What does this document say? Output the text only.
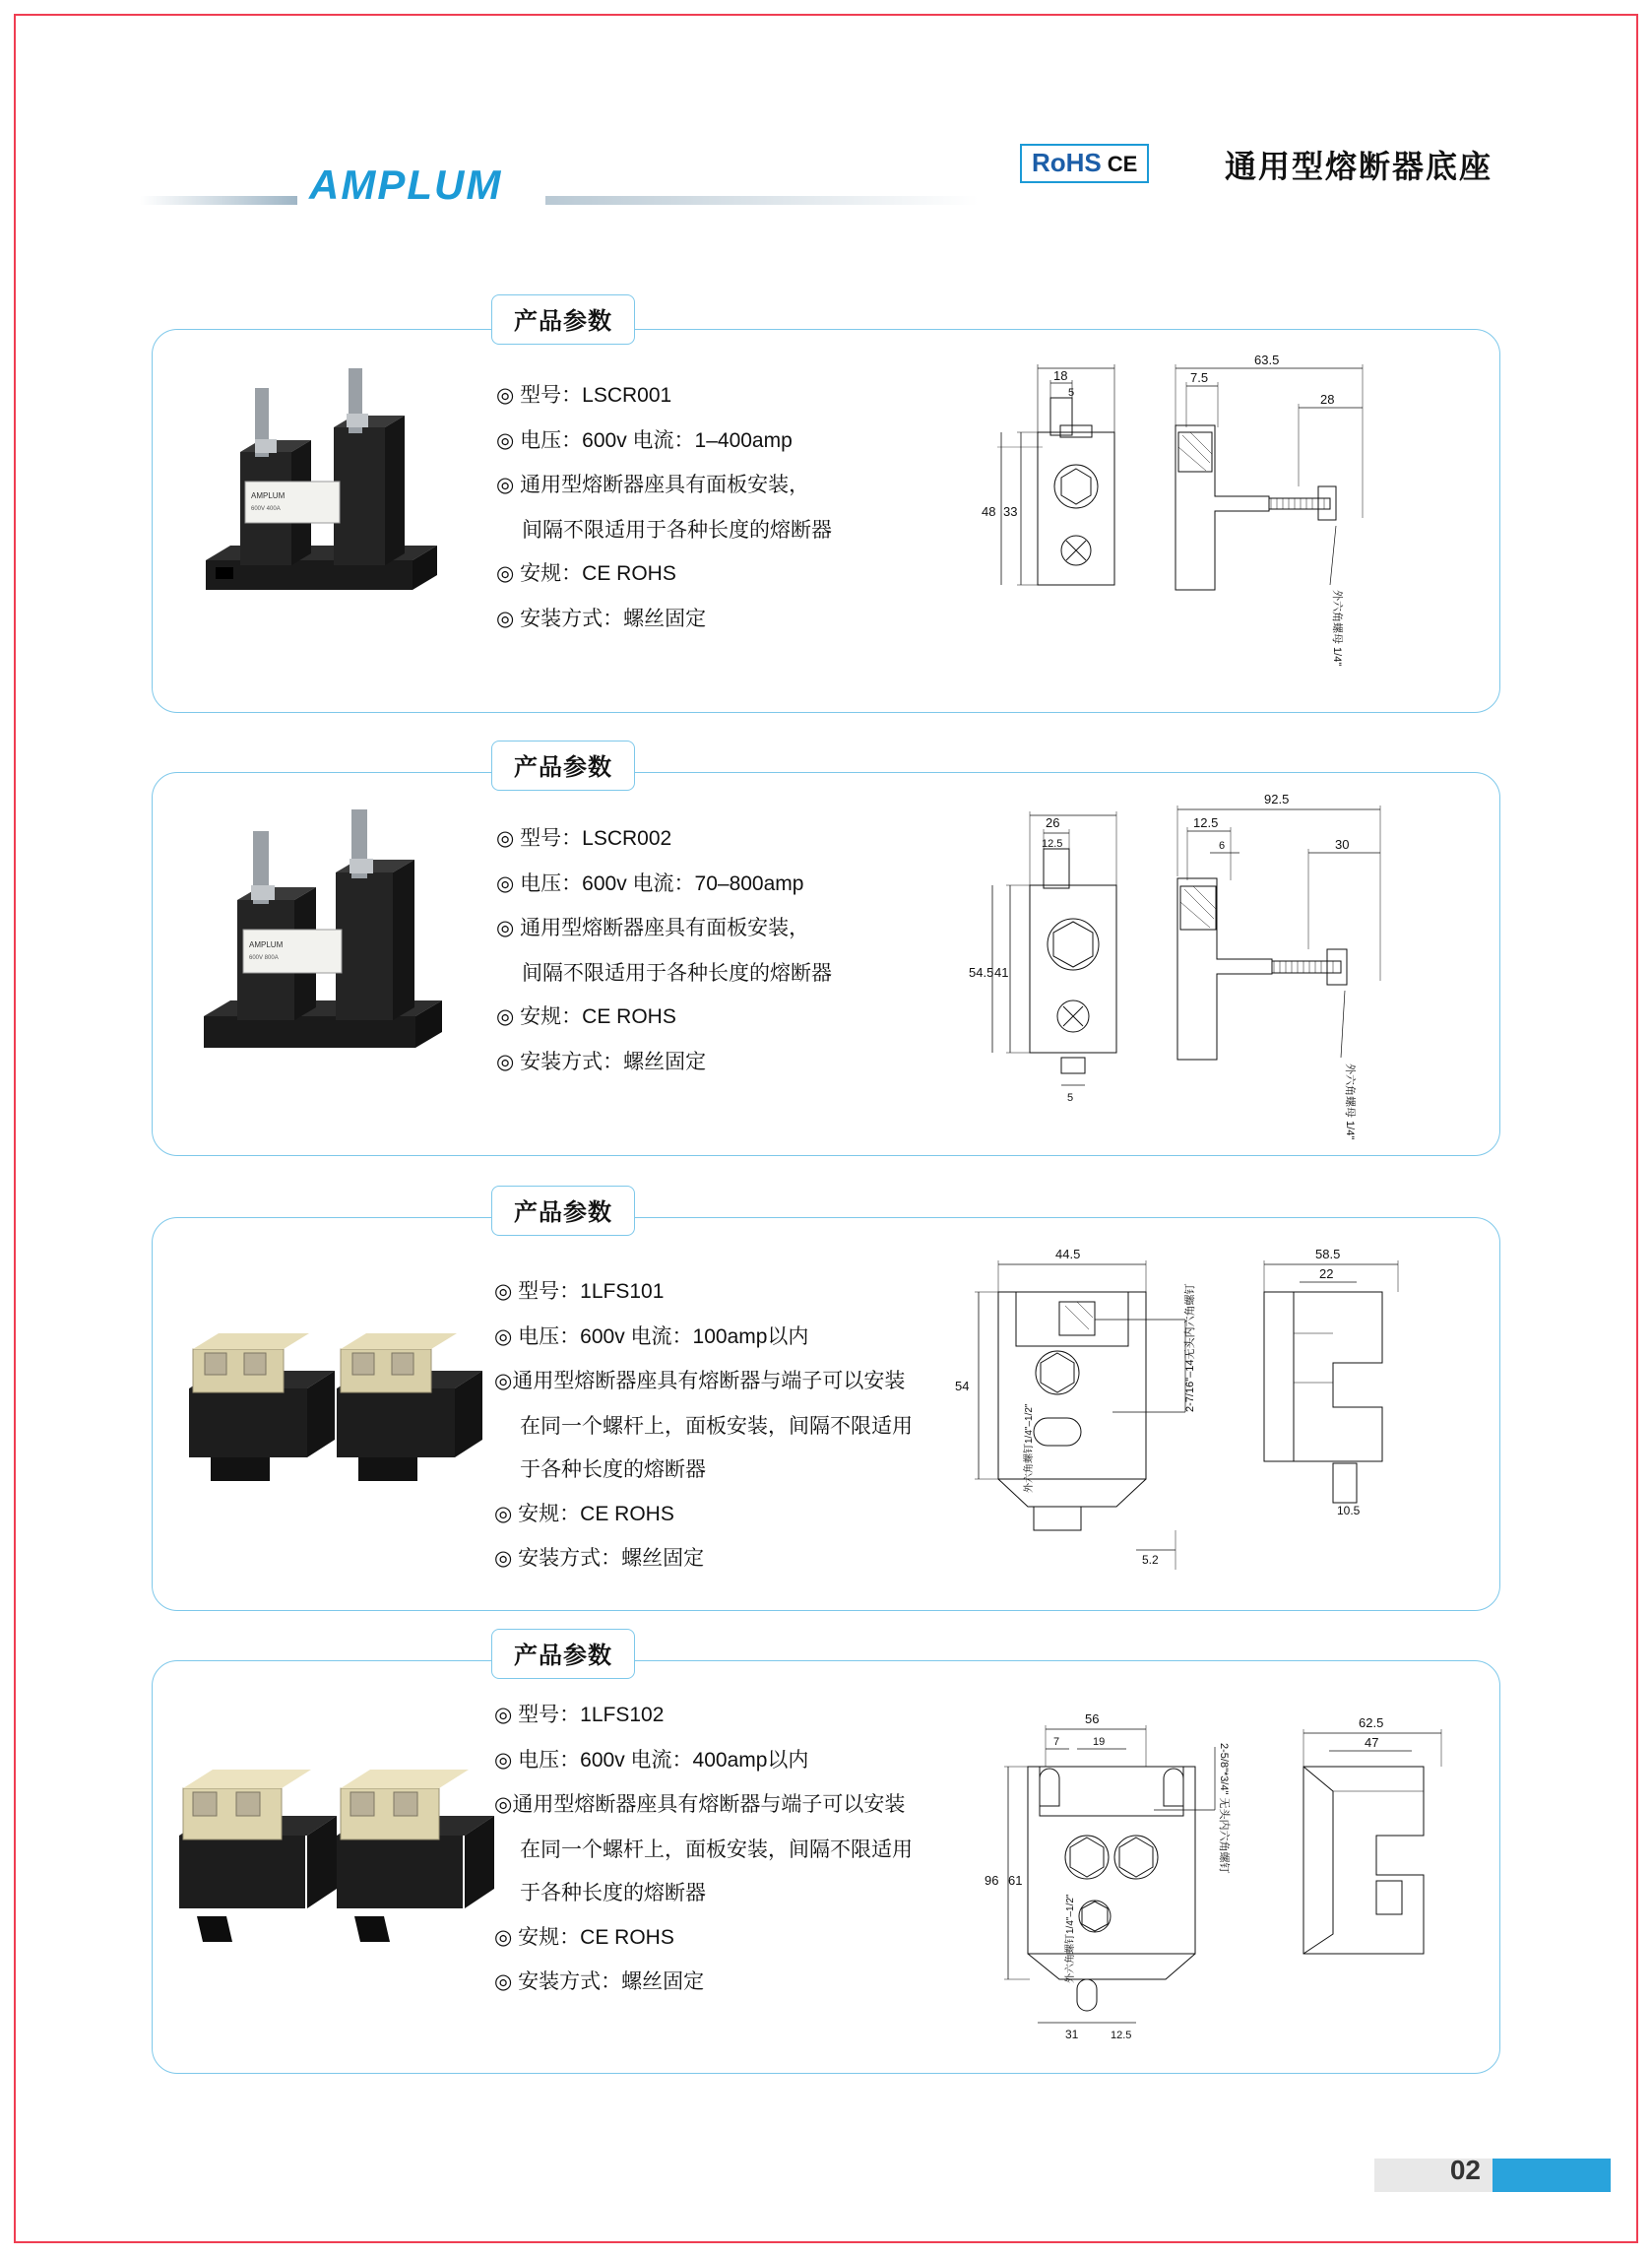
AMPLUM	RoHS CE	通用型熔断器底座
产品参数
AMPLUM
600V 400A
◎ 型号：LSCR001
◎ 电压：600v 电流：1–400amp
◎ 通用型熔断器座具有面板安装，
间隔不限适用于各种长度的熔断器
◎ 安规：CE ROHS
◎ 安装方式：螺丝固定
18
5
48 33
63.5
7.5
28
外六角螺母 1/4"
产品参数
AMPLUM
600V 800A
◎ 型号：LSCR002
◎ 电压：600v 电流：70–800amp
◎ 通用型熔断器座具有面板安装，
间隔不限适用于各种长度的熔断器
◎ 安规：CE ROHS
◎ 安装方式：螺丝固定
26
12.5
54.5 41
5
92.5
12.5
6	30
外六角螺母 1/4"
产品参数
◎ 型号：1LFS101
◎ 电压：600v 电流：100amp以内
◎通用型熔断器座具有熔断器与端子可以安装
在同一个螺杆上，面板安装，间隔不限适用
于各种长度的熔断器
◎ 安规：CE ROHS
◎ 安装方式：螺丝固定
44.5
54
5.2
58.5
22
10.5
2-7/16"–14无头内六角螺钉
外六角螺钉1/4"–1/2"
产品参数
◎ 型号：1LFS102
◎ 电压：600v 电流：400amp以内
◎通用型熔断器座具有熔断器与端子可以安装
在同一个螺杆上，面板安装，间隔不限适用
于各种长度的熔断器
◎ 安规：CE ROHS
◎ 安装方式：螺丝固定
56
7	19
96 61
31	12.5
62.5
47
2-5/8"*3/4" 无头内六角螺钉
外六角螺钉1/4"–1/2"
02
